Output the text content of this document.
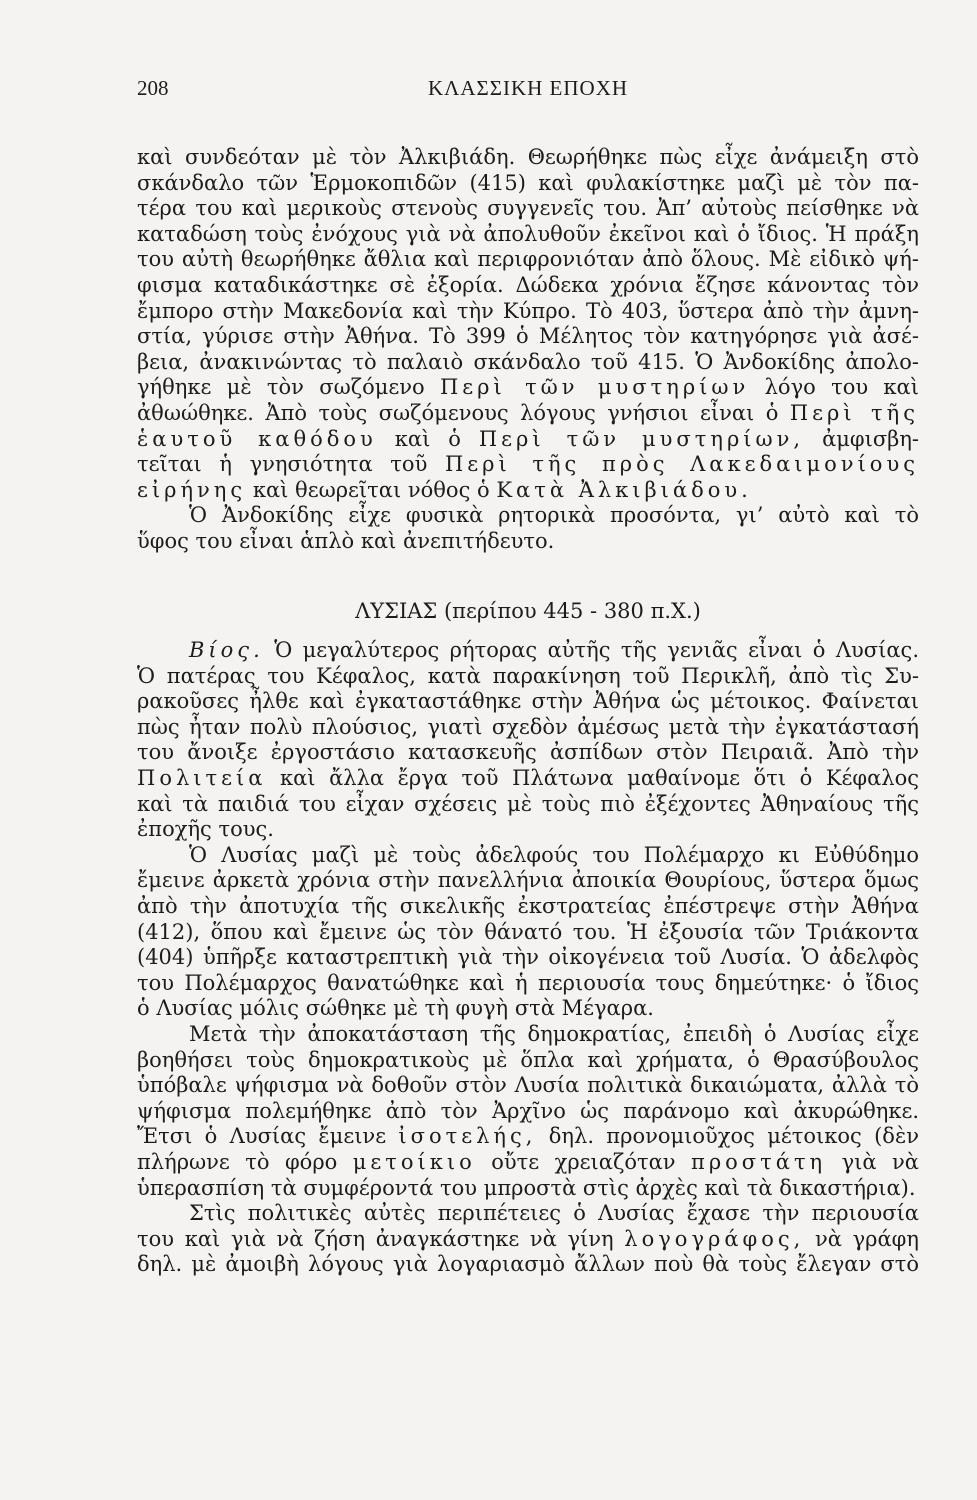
208	ΚΛΑΣΣΙΚΗ ΕΠΟΧΗ
καὶ συνδεόταν μὲ τὸν Ἀλκιβιάδη. Θεωρήθηκε πὼς εἶχε ἀνάμειξη στὸ
σκάνδαλο τῶν Ἑρμοκοπιδῶν (415) καὶ φυλακίστηκε μαζὶ μὲ τὸν πα-
τέρα του καὶ μερικοὺς στενοὺς συγγενεῖς του. Ἀπ’ αὐτοὺς πείσθηκε νὰ
καταδώση τοὺς ἐνόχους γιὰ νὰ ἀπολυθοῦν ἐκεῖνοι καὶ ὁ ἴδιος. Ἡ πράξη
του αὐτὴ θεωρήθηκε ἄθλια καὶ περιφρονιόταν ἀπὸ ὅλους. Μὲ εἰδικὸ ψή-
φισμα καταδικάστηκε σὲ ἐξορία. Δώδεκα χρόνια ἔζησε κάνοντας τὸν
ἔμπορο στὴν Μακεδονία καὶ τὴν Κύπρο. Τὸ 403, ὕστερα ἀπὸ τὴν ἀμνη-
στία, γύρισε στὴν Ἀθήνα. Τὸ 399 ὁ Μέλητος τὸν κατηγόρησε γιὰ ἀσέ-
βεια, ἀνακινώντας τὸ παλαιὸ σκάνδαλο τοῦ 415. Ὁ Ἀνδοκίδης ἀπολο-
γήθηκε μὲ τὸν σωζόμενο Περὶ τῶν μυστηρίων λόγο του καὶ
ἀθωώθηκε. Ἀπὸ τοὺς σωζόμενους λόγους γνήσιοι εἶναι ὁ Περὶ τῆς
ἑαυτοῦ καθόδου καὶ ὁ Περὶ τῶν μυστηρίων, ἀμφισβη-
τεῖται ἡ γνησιότητα τοῦ Περὶ τῆς πρὸς Λακεδαιμονίους
εἰρήνης καὶ θεωρεῖται νόθος ὁ Κατὰ Ἀλκιβιάδου.
Ὁ Ἀνδοκίδης εἶχε φυσικὰ ρητορικὰ προσόντα, γι’ αὐτὸ καὶ τὸ
ὕφος του εἶναι ἁπλὸ καὶ ἀνεπιτήδευτο.
ΛΥΣΙΑΣ (περίπου 445 - 380 π.Χ.)
Βίος. Ὁ μεγαλύτερος ρήτορας αὐτῆς τῆς γενιᾶς εἶναι ὁ Λυσίας.
Ὁ πατέρας του Κέφαλος, κατὰ παρακίνηση τοῦ Περικλῆ, ἀπὸ τὶς Συ-
ρακοῦσες ἦλθε καὶ ἐγκαταστάθηκε στὴν Ἀθήνα ὡς μέτοικος. Φαίνεται
πὼς ἦταν πολὺ πλούσιος, γιατὶ σχεδὸν ἀμέσως μετὰ τὴν ἐγκατάστασή
του ἄνοιξε ἐργοστάσιο κατασκευῆς ἀσπίδων στὸν Πειραιᾶ. Ἀπὸ τὴν
Πολιτεία καὶ ἄλλα ἔργα τοῦ Πλάτωνα μαθαίνομε ὅτι ὁ Κέφαλος
καὶ τὰ παιδιά του εἶχαν σχέσεις μὲ τοὺς πιὸ ἐξέχοντες Ἀθηναίους τῆς
ἐποχῆς τους.
Ὁ Λυσίας μαζὶ μὲ τοὺς ἀδελφούς του Πολέμαρχο κι Εὐθύδημο
ἔμεινε ἀρκετὰ χρόνια στὴν πανελλήνια ἀποικία Θουρίους, ὕστερα ὅμως
ἀπὸ τὴν ἀποτυχία τῆς σικελικῆς ἐκστρατείας ἐπέστρεψε στὴν Ἀθήνα
(412), ὅπου καὶ ἔμεινε ὡς τὸν θάνατό του. Ἡ ἐξουσία τῶν Τριάκοντα
(404) ὑπῆρξε καταστρεπτικὴ γιὰ τὴν οἰκογένεια τοῦ Λυσία. Ὁ ἀδελφὸς
του Πολέμαρχος θανατώθηκε καὶ ἡ περιουσία τους δημεύτηκε· ὁ ἴδιος
ὁ Λυσίας μόλις σώθηκε μὲ τὴ φυγὴ στὰ Μέγαρα.
Μετὰ τὴν ἀποκατάσταση τῆς δημοκρατίας, ἐπειδὴ ὁ Λυσίας εἶχε
βοηθήσει τοὺς δημοκρατικοὺς μὲ ὅπλα καὶ χρήματα, ὁ Θρασύβουλος
ὑπόβαλε ψήφισμα νὰ δοθοῦν στὸν Λυσία πολιτικὰ δικαιώματα, ἀλλὰ τὸ
ψήφισμα πολεμήθηκε ἀπὸ τὸν Ἀρχῖνο ὡς παράνομο καὶ ἀκυρώθηκε.
Ἔτσι ὁ Λυσίας ἔμεινε ἰσοτελής, δηλ. προνομιοῦχος μέτοικος (δὲν
πλήρωνε τὸ φόρο μετοίκιο οὔτε χρειαζόταν προστάτη γιὰ νὰ
ὑπερασπίση τὰ συμφέροντά του μπροστὰ στὶς ἀρχὲς καὶ τὰ δικαστήρια).
Στὶς πολιτικὲς αὐτὲς περιπέτειες ὁ Λυσίας ἔχασε τὴν περιουσία
του καὶ γιὰ νὰ ζήση ἀναγκάστηκε νὰ γίνη λογογράφος, νὰ γράφη
δηλ. μὲ ἀμοιβὴ λόγους γιὰ λογαριασμὸ ἄλλων ποὺ θὰ τοὺς ἔλεγαν στὸ
